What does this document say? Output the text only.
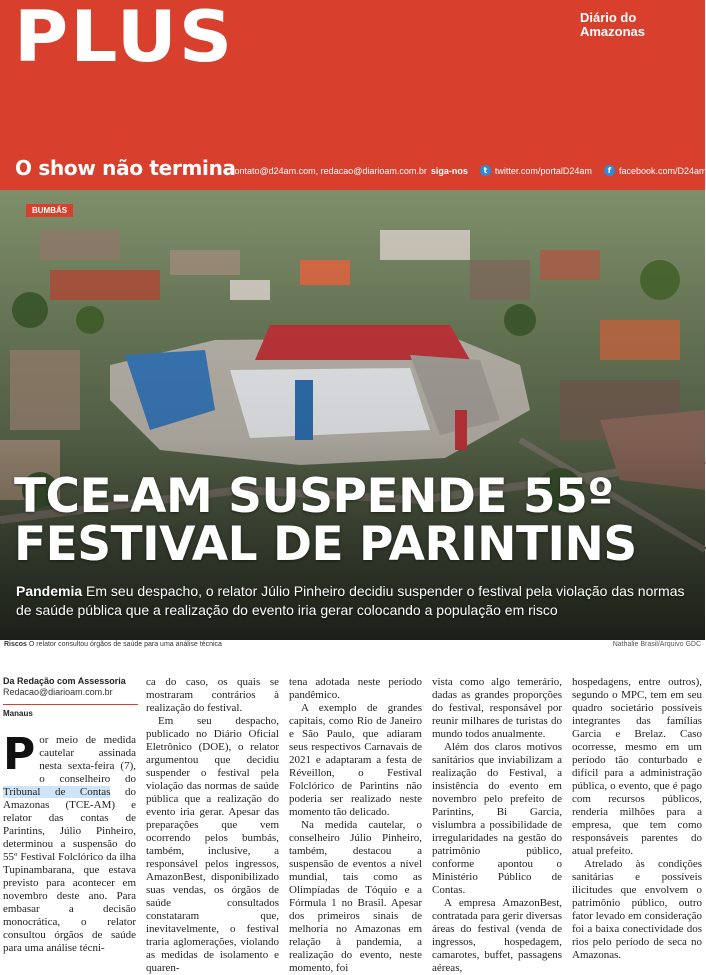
PLUS	Diário do
Amazonas
O show não termina
contato@d24am.com, redacao@diarioam.com.br siga-nos	t twitter.com/portalD24am	f facebook.com/D24am
BUMBÁS
TCE-AM SUSPENDE 55º
FESTIVAL DE PARINTINS

Pandemia Em seu despacho, o relator Júlio Pinheiro decidiu suspender o festival pela violação das normas de saúde pública que a realização do evento iria gerar colocando a população em risco

Riscos O relator consultou órgãos de saúde para uma análise técnica	Nathalie Brasil/Arquivo GDC
Da Redação com Assessoria
Redacao@diarioam.com.br
Manaus

Por meio de medida cautelar assinada nesta sexta-feira (7), o conselheiro do Tribunal de Contas do Amazonas (TCE-AM) e relator das contas de Parintins, Júlio Pinheiro, determinou a suspensão do 55º Festival Folclórico da ilha Tupinambarana, que estava previsto para acontecer em novembro deste ano. Para embasar a decisão monocrática, o relator consultou órgãos de saúde para uma análise técni-

ca do caso, os quais se mostraram contrários à realização do festival.

Em seu despacho, publicado no Diário Oficial Eletrônico (DOE), o relator argumentou que decidiu suspender o festival pela violação das normas de saúde pública que a realização do evento iria gerar. Apesar das preparações que vem ocorrendo pelos bumbás, também, inclusive, a responsável pelos ingressos, AmazonBest, disponibilizado suas vendas, os órgãos de saúde consultados constataram que, inevitavelmente, o festival traria aglomerações, violando as medidas de isolamento e quaren-

tena adotada neste período pandêmico.

A exemplo de grandes capitais, como Rio de Janeiro e São Paulo, que adiaram seus respectivos Carnavais de 2021 e adaptaram a festa de Réveillon, o Festival Folclórico de Parintins não poderia ser realizado neste momento tão delicado.

Na medida cautelar, o conselheiro Júlio Pinheiro, também, destacou a suspensão de eventos a nível mundial, tais como as Olimpíadas de Tóquio e a Fórmula 1 no Brasil. Apesar dos primeiros sinais de melhoria no Amazonas em relação à pandemia, a realização do evento, neste momento, foi

vista como algo temerário, dadas as grandes proporções do festival, responsável por reunir milhares de turistas do mundo todos anualmente.

Além dos claros motivos sanitários que inviabilizam a realização do Festival, a insistência do evento em novembro pelo prefeito de Parintins, Bi Garcia, vislumbra a possibilidade de irregularidades na gestão do patrimônio público, conforme apontou o Ministério Público de Contas.

A empresa AmazonBest, contratada para gerir diversas áreas do festival (venda de ingressos, hospedagem, camarotes, buffet, passagens aéreas,

hospedagens, entre outros), segundo o MPC, tem em seu quadro societário possíveis integrantes das famílias Garcia e Brelaz. Caso ocorresse, mesmo em um período tão conturbado e difícil para a administração pública, o evento, que é pago com recursos públicos, renderia milhões para a empresa, que tem como responsáveis parentes do atual prefeito.

Atrelado às condições sanitárias e possíveis ilicitudes que envolvem o patrimônio público, outro fator levado em consideração foi a baixa conectividade dos rios pelo período de seca no Amazonas.
